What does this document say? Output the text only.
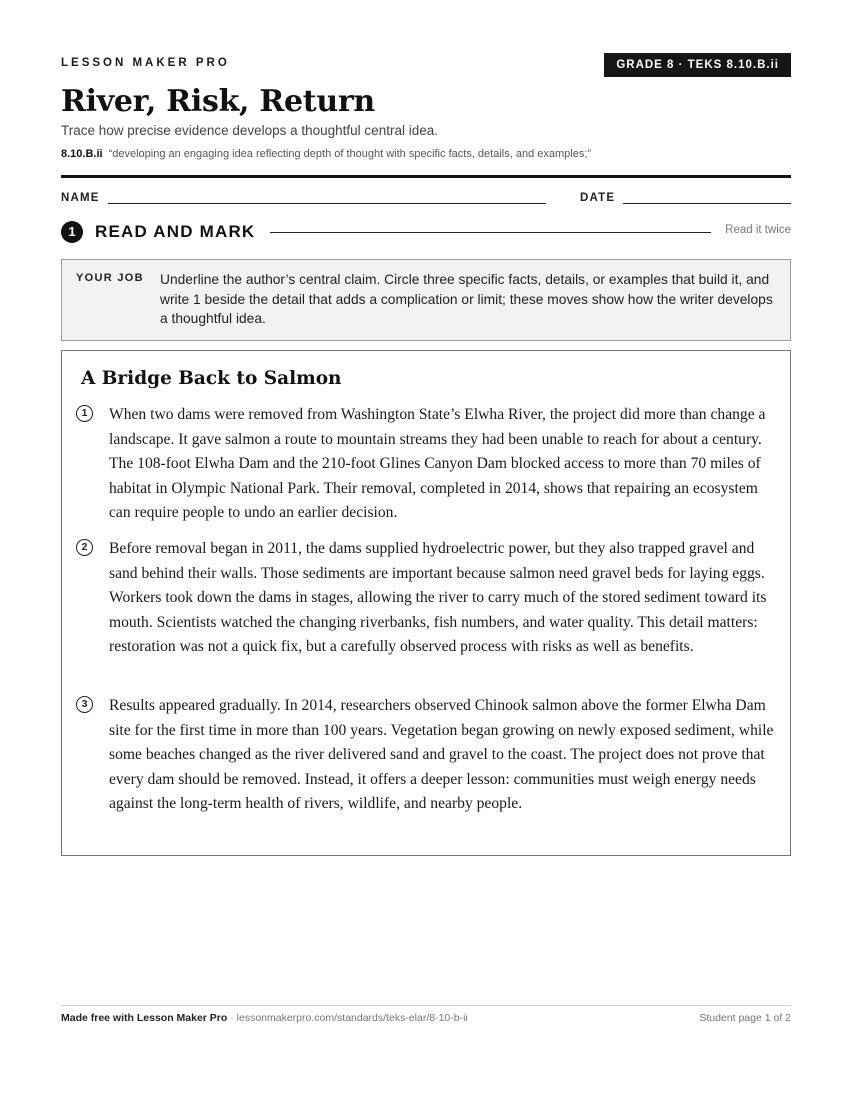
LESSON MAKER PRO	GRADE 8 · TEKS 8.10.B.ii
River, Risk, Return
Trace how precise evidence develops a thoughtful central idea.
8.10.B.ii “developing an engaging idea reflecting depth of thought with specific facts, details, and examples;”
NAME	DATE
1	READ AND MARK	Read it twice
YOUR JOB Underline the author’s central claim. Circle three specific facts, details, or examples that build it, and write 1 beside the detail that adds a complication or limit; these moves show how the writer develops a thoughtful idea.
A Bridge Back to Salmon
1	When two dams were removed from Washington State’s Elwha River, the project did more than change a landscape. It gave salmon a route to mountain streams they had been unable to reach for about a century. The 108-foot Elwha Dam and the 210-foot Glines Canyon Dam blocked access to more than 70 miles of habitat in Olympic National Park. Their removal, completed in 2014, shows that repairing an ecosystem can require people to undo an earlier decision.

2	Before removal began in 2011, the dams supplied hydroelectric power, but they also trapped gravel and sand behind their walls. Those sediments are important because salmon need gravel beds for laying eggs. Workers took down the dams in stages, allowing the river to carry much of the stored sediment toward its mouth. Scientists watched the changing riverbanks, fish numbers, and water quality. This detail matters: restoration was not a quick fix, but a carefully observed process with risks as well as benefits.

3	Results appeared gradually. In 2014, researchers observed Chinook salmon above the former Elwha Dam site for the first time in more than 100 years. Vegetation began growing on newly exposed sediment, while some beaches changed as the river delivered sand and gravel to the coast. The project does not prove that every dam should be removed. Instead, it offers a deeper lesson: communities must weigh energy needs against the long-term health of rivers, wildlife, and nearby people.

Made free with Lesson Maker Pro · lessonmakerpro.com/standards/teks-elar/8-10-b-ii	Student page 1 of 2
